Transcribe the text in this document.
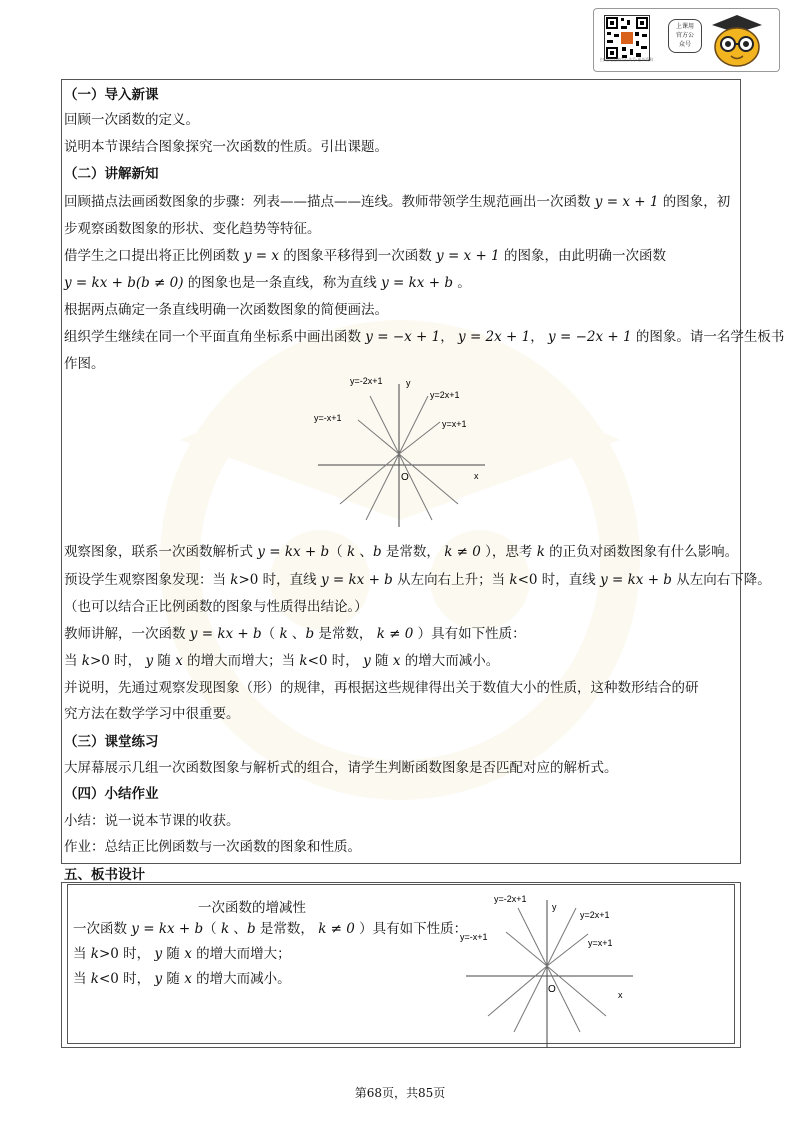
扫码关注微信公众号·更多资料
上课用
官方公
众号
（一）导入新课
回顾一次函数的定义。
说明本节课结合图象探究一次函数的性质。引出课题。
（二）讲解新知
回顾描点法画函数图象的步骤：列表——描点——连线。教师带领学生规范画出一次函数 y = x + 1 的图象，初
步观察函数图象的形状、变化趋势等特征。
借学生之口提出将正比例函数 y = x 的图象平移得到一次函数 y = x + 1 的图象，由此明确一次函数
y = kx + b(b ≠ 0) 的图象也是一条直线，称为直线 y = kx + b 。
根据两点确定一条直线明确一次函数图象的简便画法。
组织学生继续在同一个平面直角坐标系中画出函数 y = −x + 1， y = 2x + 1， y = −2x + 1 的图象。请一名学生板书
作图。
y=-2x+1	y
y=2x+1
y=-x+1
y=x+1
O	x
观察图象，联系一次函数解析式 y = kx + b（ k 、b 是常数， k ≠ 0 ），思考 k 的正负对函数图象有什么影响。
预设学生观察图象发现：当 k>0 时，直线 y = kx + b 从左向右上升；当 k<0 时，直线 y = kx + b 从左向右下降。
（也可以结合正比例函数的图象与性质得出结论。）
教师讲解，一次函数 y = kx + b（ k 、b 是常数， k ≠ 0 ）具有如下性质：
当 k>0 时， y 随 x 的增大而增大；当 k<0 时， y 随 x 的增大而减小。
并说明，先通过观察发现图象（形）的规律，再根据这些规律得出关于数值大小的性质，这种数形结合的研
究方法在数学学习中很重要。
（三）课堂练习
大屏幕展示几组一次函数图象与解析式的组合，请学生判断函数图象是否匹配对应的解析式。
（四）小结作业
小结：说一说本节课的收获。
作业：总结正比例函数与一次函数的图象和性质。
五、板书设计
一次函数的增减性
一次函数 y = kx + b（ k 、b 是常数， k ≠ 0 ）具有如下性质：
当 k>0 时， y 随 x 的增大而增大；
当 k<0 时， y 随 x 的增大而减小。
y=-2x+1
y
y=2x+1
y=-x+1
y=x+1
O	x
第68页，共85页
